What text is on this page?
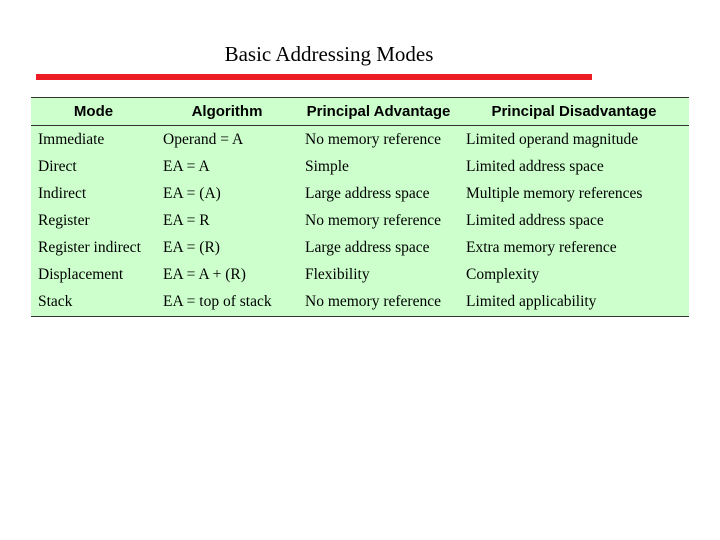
Basic Addressing Modes
Mode	Algorithm	Principal Advantage	Principal Disadvantage
Immediate	Operand = A	No memory reference	Limited operand magnitude
Direct	EA = A	Simple	Limited address space
Indirect	EA = (A)	Large address space	Multiple memory references
Register	EA = R	No memory reference	Limited address space
Register indirect	EA = (R)	Large address space	Extra memory reference
Displacement	EA = A + (R)	Flexibility	Complexity
Stack	EA = top of stack	No memory reference	Limited applicability
